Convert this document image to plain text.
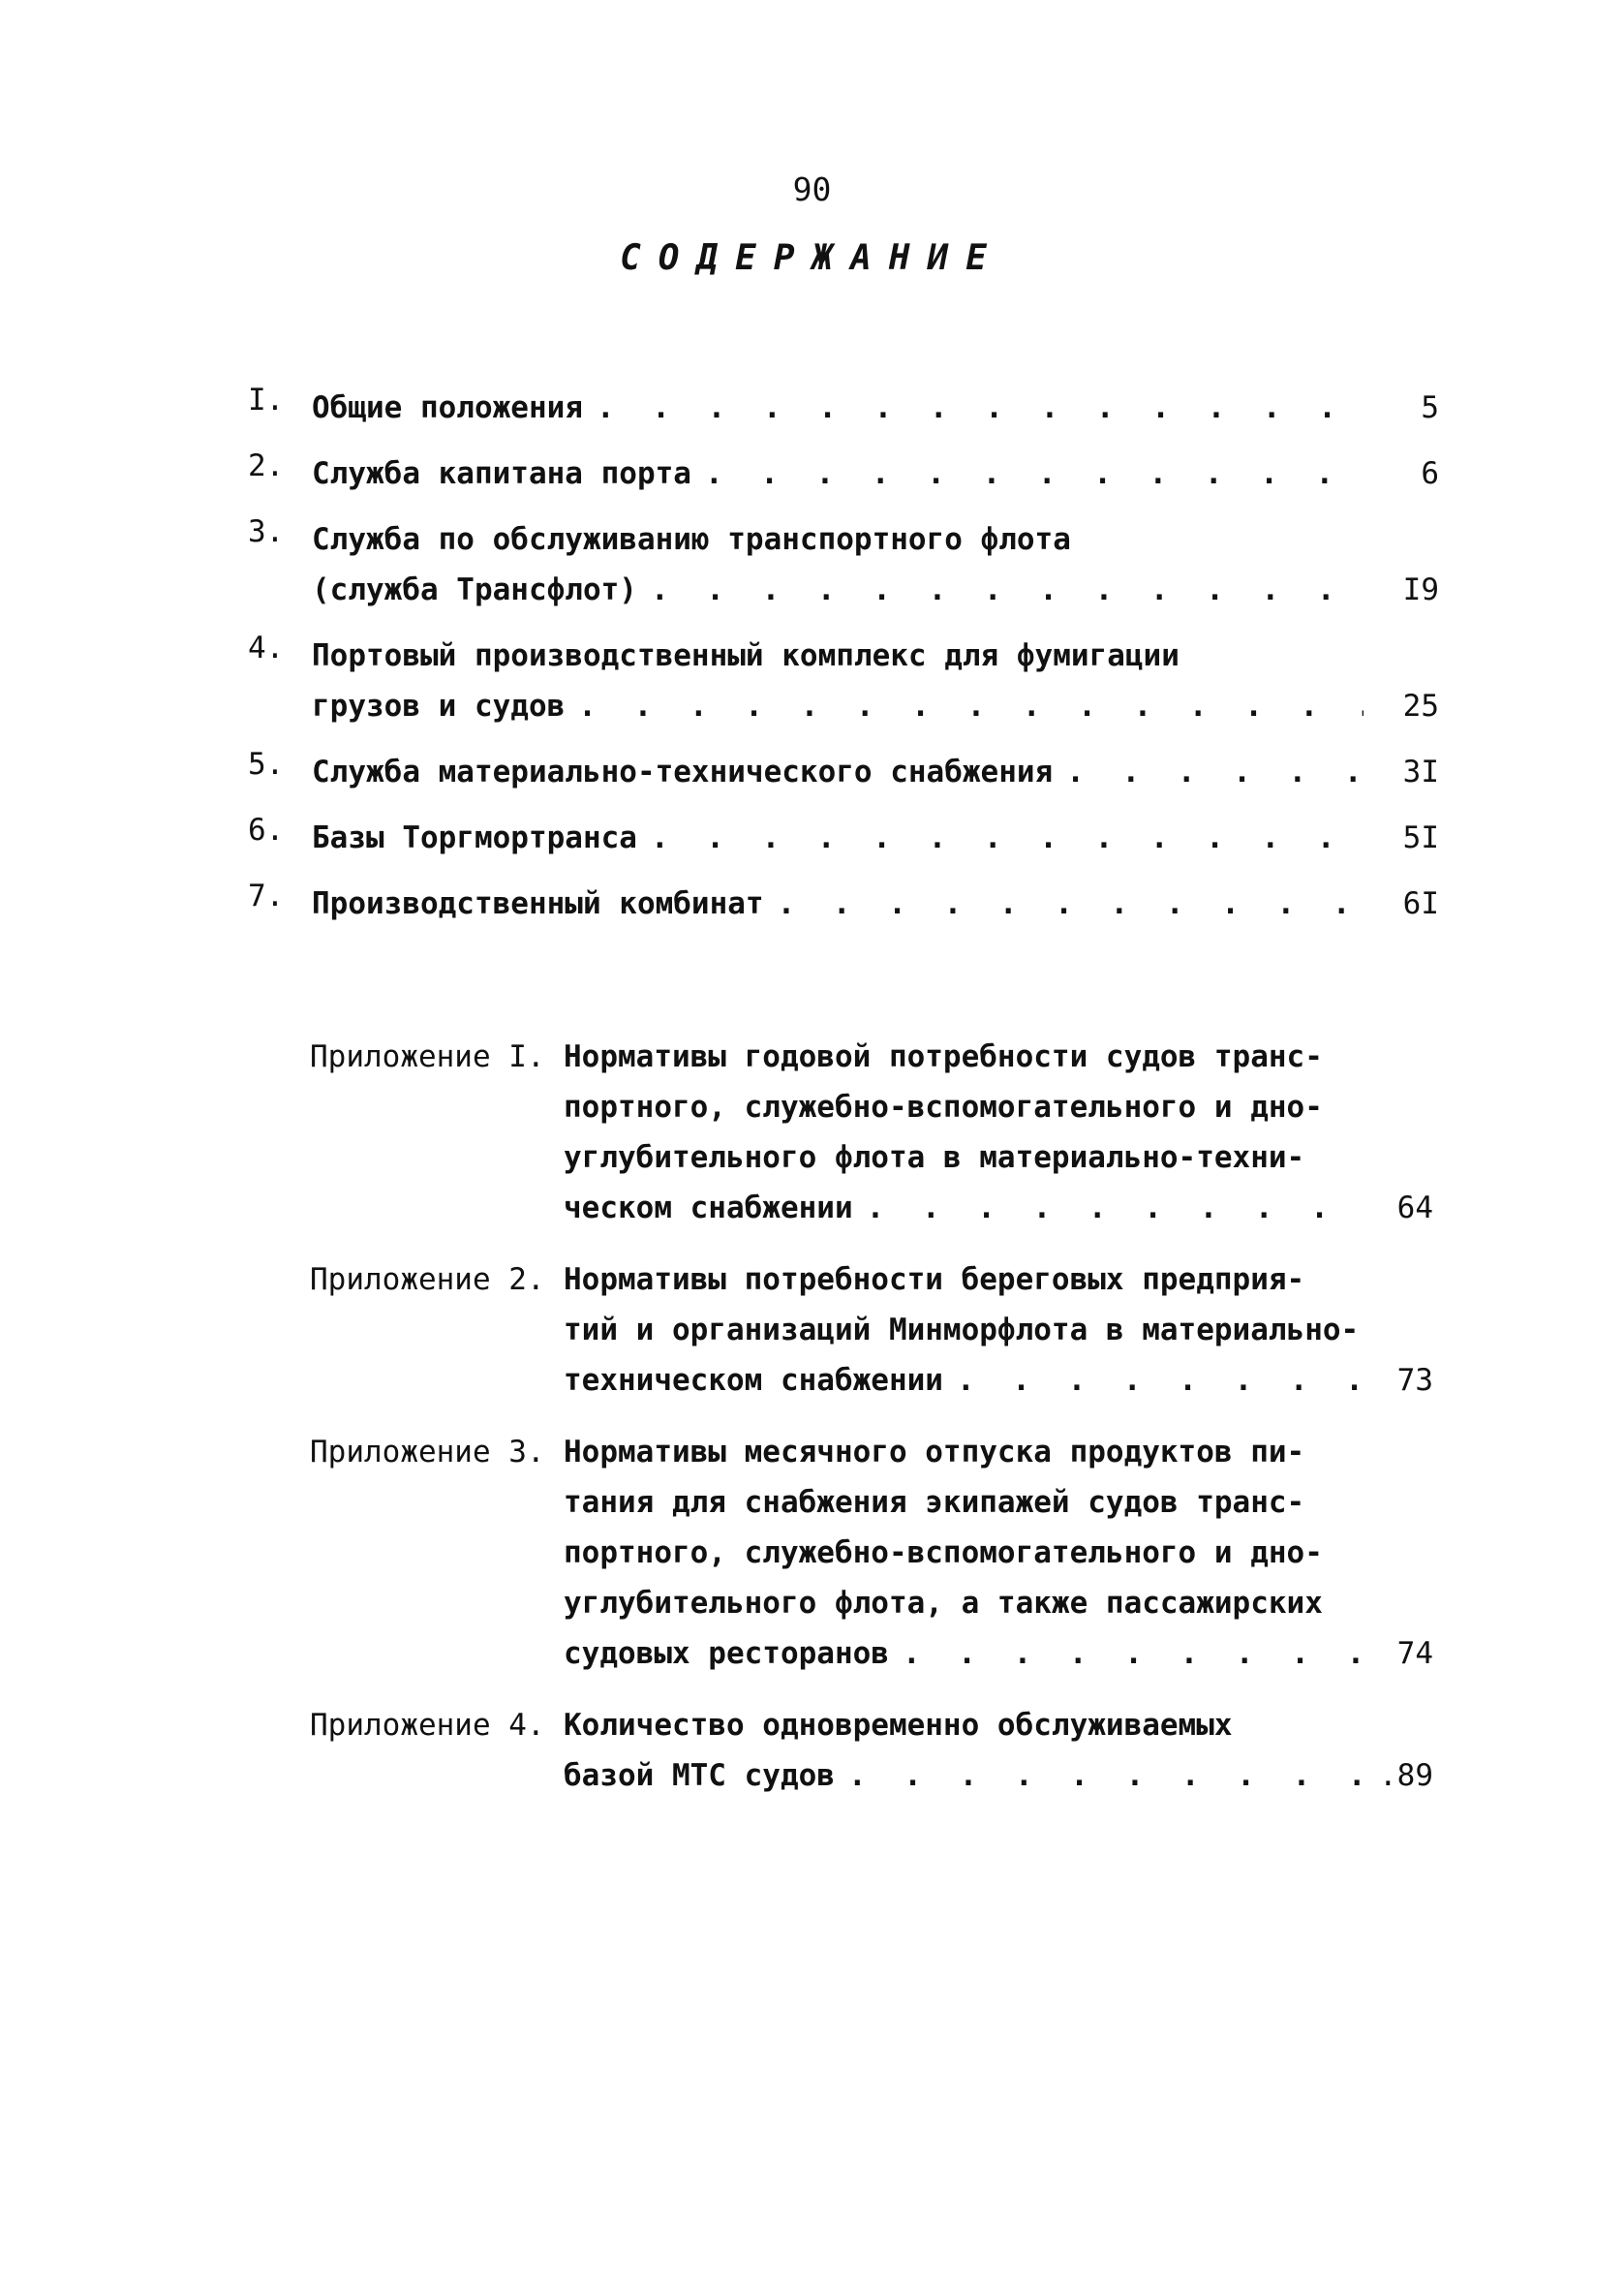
90
СОДЕРЖАНИЕ
I. Общие положения . . .	5
2. Служба капитана порта . . .	6
3. Служба по обслуживанию транспортного флота
(служба Трансфлот) . . .	I9
4. Портовый производственный комплекс для фумигации
грузов и судов . . .	25
5. Служба материально-технического снабжения . . .	3I
6. Базы Торгмортранса . . .	5I
7. Производственный комбинат . . .	6I
Приложение I. Нормативы годовой потребности судов транс-
портного, служебно-вспомогательного и дно-
углубительного флота в материально-техни-
ческом снабжении . . .	64
Приложение 2. Нормативы потребности береговых предприя-
тий и организаций Минморфлота в материально-
техническом снабжении . . .	73
Приложение 3. Нормативы месячного отпуска продуктов пи-
тания для снабжения экипажей судов транс-
портного, служебно-вспомогательного и дно-
углубительного флота, а также пассажирских
судовых ресторанов . . .	74
Приложение 4. Количество одновременно обслуживаемых
базой МТС судов . . .	.89
